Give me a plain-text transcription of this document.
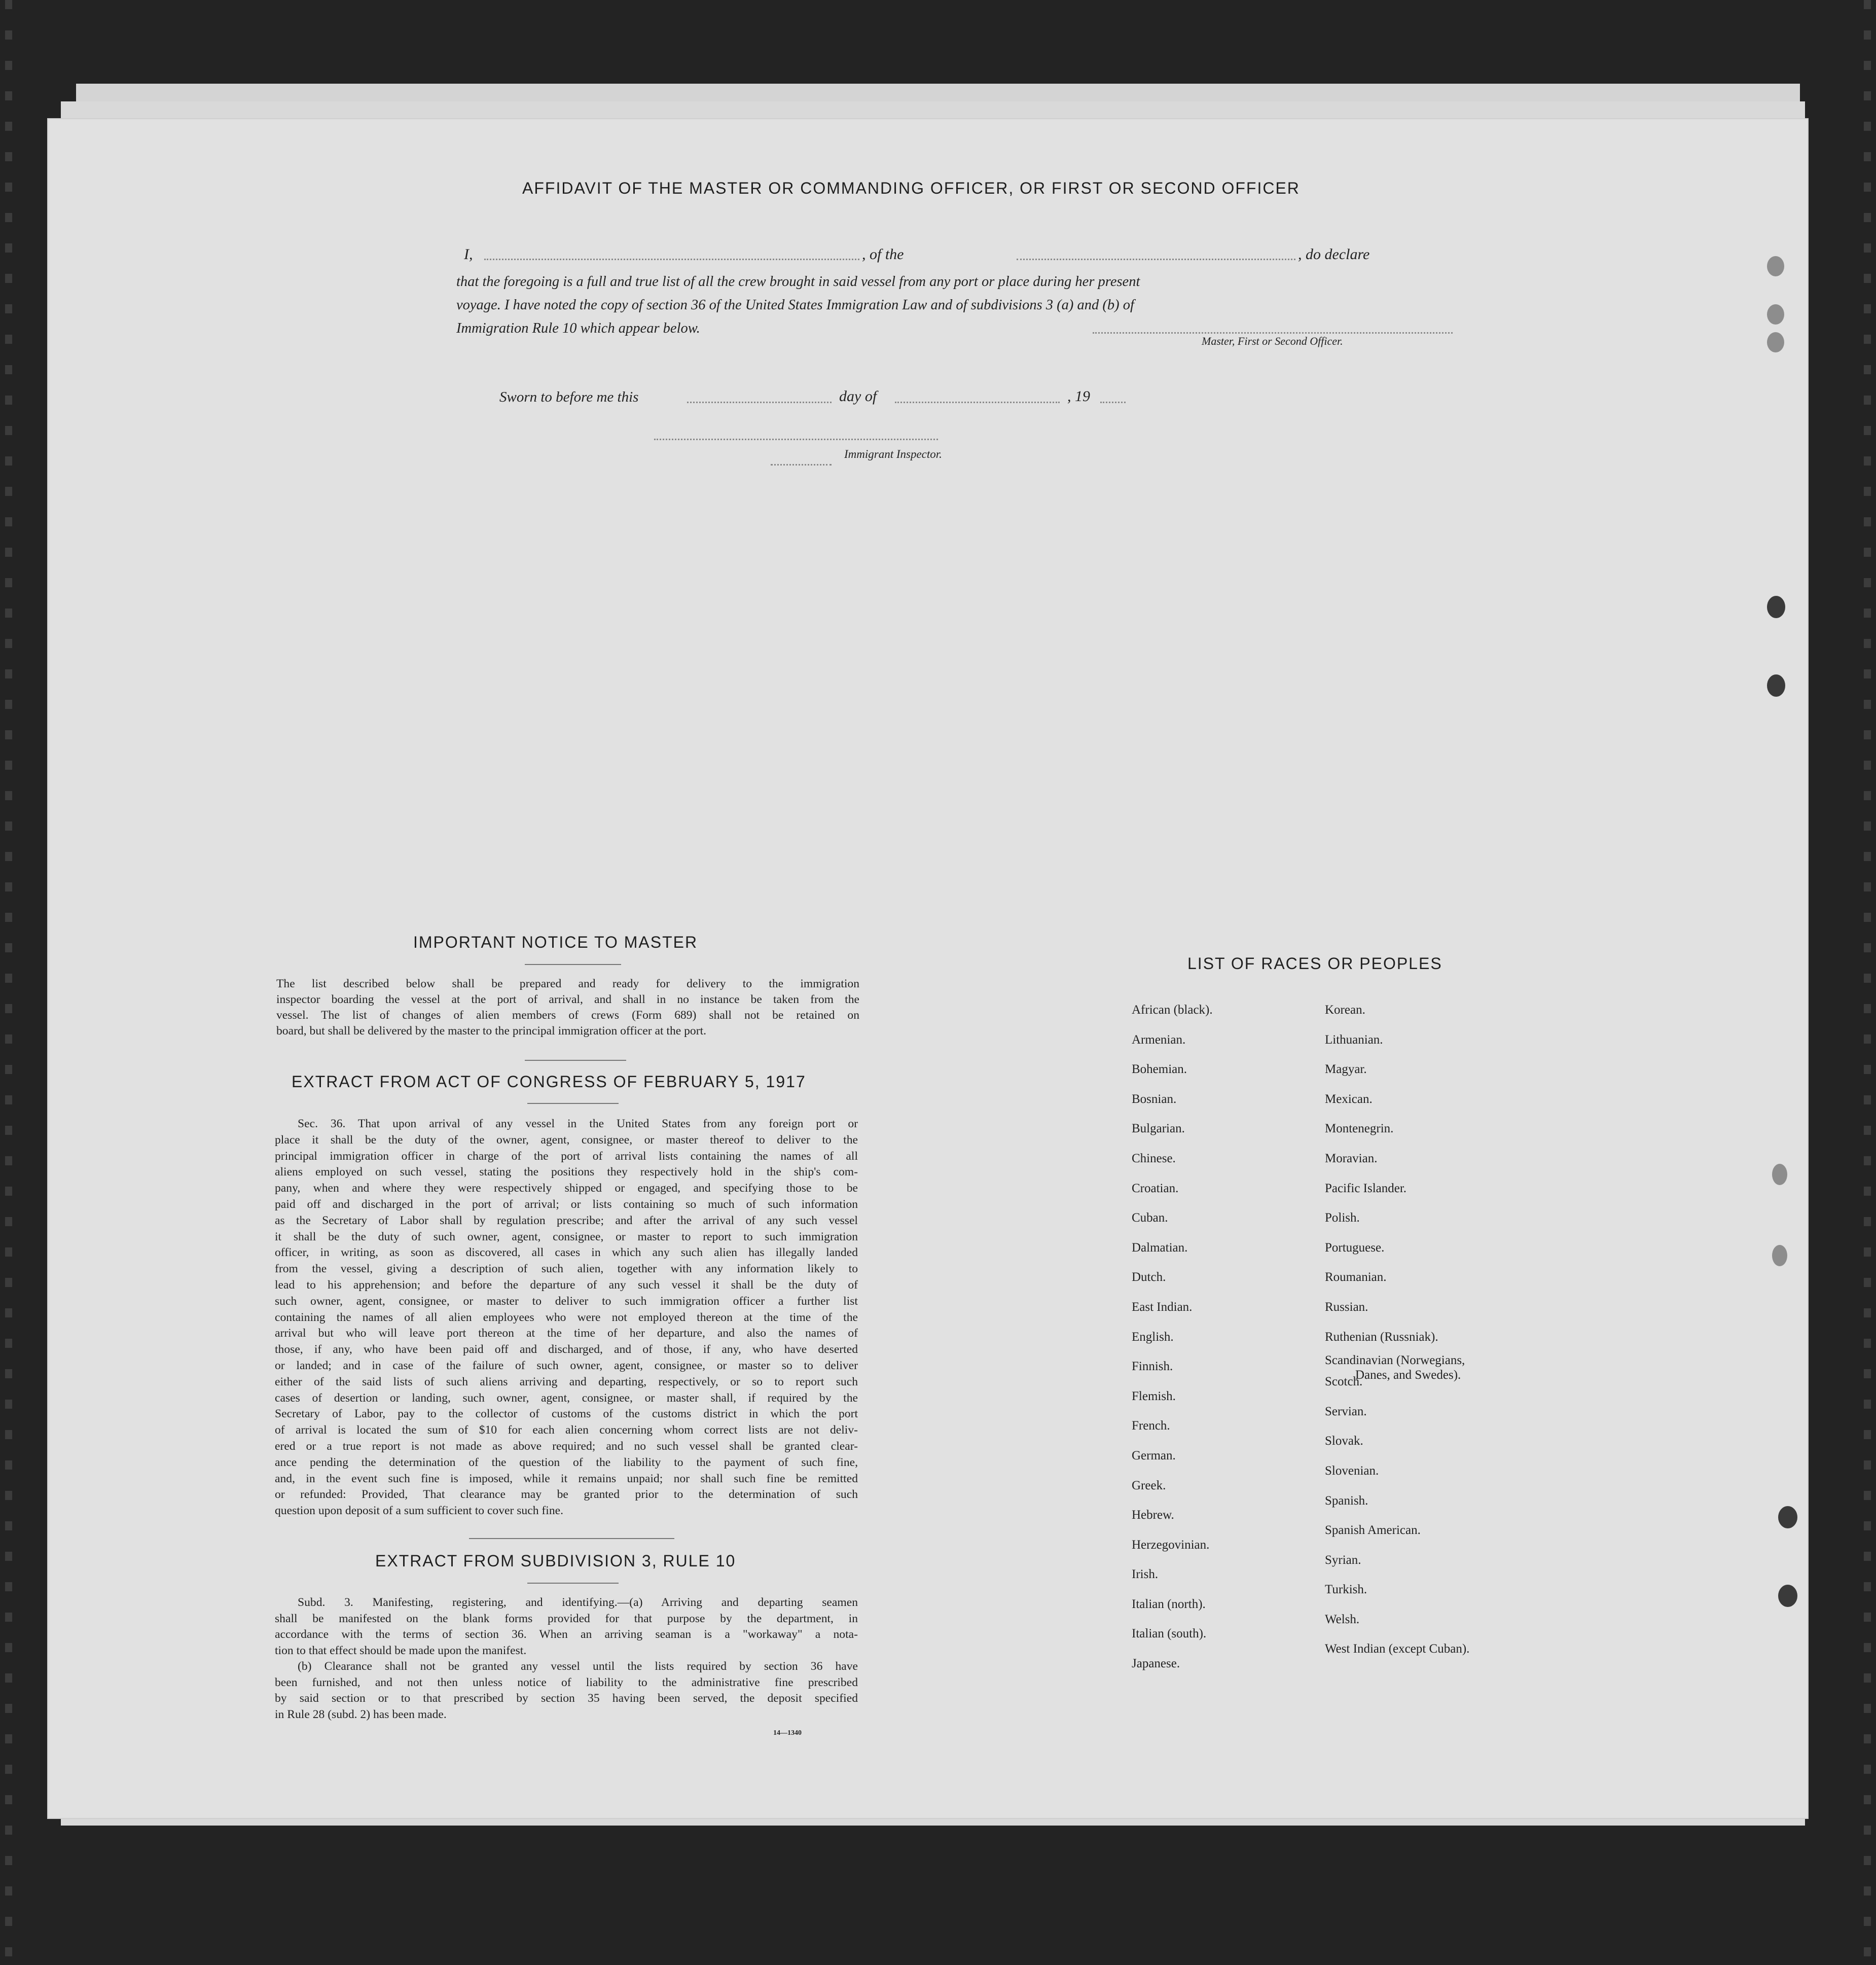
AFFIDAVIT OF THE MASTER OR COMMANDING OFFICER, OR FIRST OR SECOND OFFICER
I,	, of the	, do declare
that the foregoing is a full and true list of all the crew brought in said vessel from any port or place during her present
voyage. I have noted the copy of section 36 of the United States Immigration Law and of subdivisions 3 (a) and (b) of
Immigration Rule 10 which appear below.
Master, First or Second Officer.
Sworn to before me this	day of	, 19
Immigrant Inspector.
IMPORTANT NOTICE TO MASTER
The list described below shall be prepared and ready for delivery to the immigration
inspector boarding the vessel at the port of arrival, and shall in no instance be taken from the
vessel. The list of changes of alien members of crews (Form 689) shall not be retained on
board, but shall be delivered by the master to the principal immigration officer at the port.
EXTRACT FROM ACT OF CONGRESS OF FEBRUARY 5, 1917
Sec. 36. That upon arrival of any vessel in the United States from any foreign port or
place it shall be the duty of the owner, agent, consignee, or master thereof to deliver to the
principal immigration officer in charge of the port of arrival lists containing the names of all
aliens employed on such vessel, stating the positions they respectively hold in the ship's com-
pany, when and where they were respectively shipped or engaged, and specifying those to be
paid off and discharged in the port of arrival; or lists containing so much of such information
as the Secretary of Labor shall by regulation prescribe; and after the arrival of any such vessel
it shall be the duty of such owner, agent, consignee, or master to report to such immigration
officer, in writing, as soon as discovered, all cases in which any such alien has illegally landed
from the vessel, giving a description of such alien, together with any information likely to
lead to his apprehension; and before the departure of any such vessel it shall be the duty of
such owner, agent, consignee, or master to deliver to such immigration officer a further list
containing the names of all alien employees who were not employed thereon at the time of the
arrival but who will leave port thereon at the time of her departure, and also the names of
those, if any, who have been paid off and discharged, and of those, if any, who have deserted
or landed; and in case of the failure of such owner, agent, consignee, or master so to deliver
either of the said lists of such aliens arriving and departing, respectively, or so to report such
cases of desertion or landing, such owner, agent, consignee, or master shall, if required by the
Secretary of Labor, pay to the collector of customs of the customs district in which the port
of arrival is located the sum of $10 for each alien concerning whom correct lists are not deliv-
ered or a true report is not made as above required; and no such vessel shall be granted clear-
ance pending the determination of the question of the liability to the payment of such fine,
and, in the event such fine is imposed, while it remains unpaid; nor shall such fine be remitted
or refunded: Provided, That clearance may be granted prior to the determination of such
question upon deposit of a sum sufficient to cover such fine.
EXTRACT FROM SUBDIVISION 3, RULE 10
Subd. 3. Manifesting, registering, and identifying.—(a) Arriving and departing seamen
shall be manifested on the blank forms provided for that purpose by the department, in
accordance with the terms of section 36. When an arriving seaman is a "workaway" a nota-
tion to that effect should be made upon the manifest.
(b) Clearance shall not be granted any vessel until the lists required by section 36 have
been furnished, and not then unless notice of liability to the administrative fine prescribed
by said section or to that prescribed by section 35 having been served, the deposit specified
in Rule 28 (subd. 2) has been made.
14—1340
LIST OF RACES OR PEOPLES
African (black).
Armenian.
Bohemian.
Bosnian.
Bulgarian.
Chinese.
Croatian.
Cuban.
Dalmatian.
Dutch.
East Indian.
English.
Finnish.
Flemish.
French.
German.
Greek.
Hebrew.
Herzegovinian.
Irish.
Italian (north).
Italian (south).
Japanese.
Korean.
Lithuanian.
Magyar.
Mexican.
Montenegrin.
Moravian.
Pacific Islander.
Polish.
Portuguese.
Roumanian.
Russian.
Ruthenian (Russniak).
Scandinavian (Norwegians,
Danes, and Swedes).
Scotch.
Servian.
Slovak.
Slovenian.
Spanish.
Spanish American.
Syrian.
Turkish.
Welsh.
West Indian (except Cuban).
